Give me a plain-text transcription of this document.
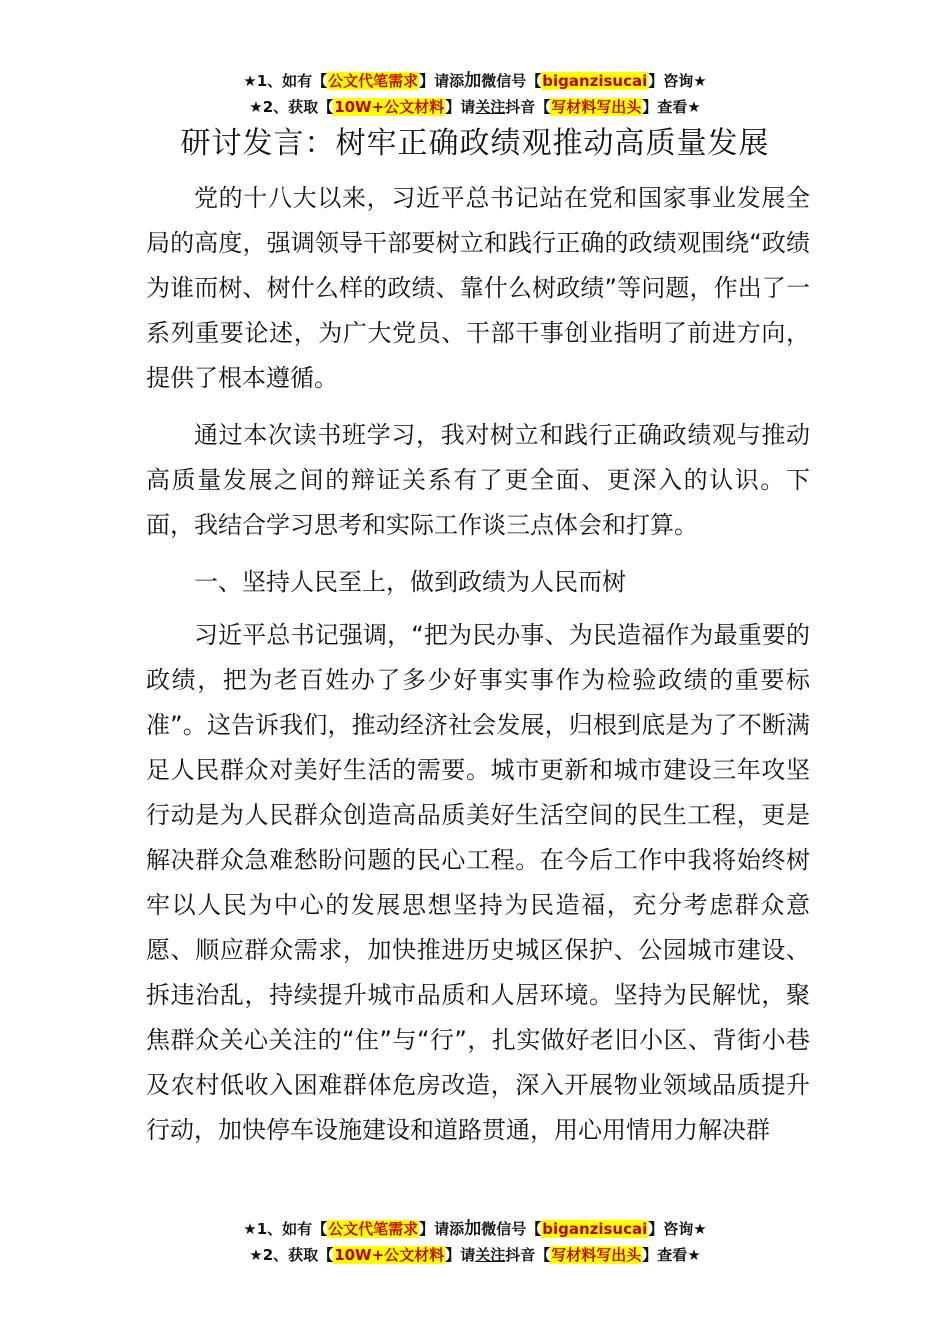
★1、如有【公文代笔需求】请添加微信号【biganzisucai】咨询★
★2、获取【10W+公文材料】请关注抖音【写材料写出头】查看★
研讨发言：树牢正确政绩观推动高质量发展

党的十八大以来，习近平总书记站在党和国家事业发展全局的高度，强调领导干部要树立和践行正确的政绩观围绕“政绩为谁而树、树什么样的政绩、靠什么树政绩”等问题，作出了一系列重要论述，为广大党员、干部干事创业指明了前进方向，提供了根本遵循。

通过本次读书班学习，我对树立和践行正确政绩观与推动高质量发展之间的辩证关系有了更全面、更深入的认识。下面，我结合学习思考和实际工作谈三点体会和打算。

一、坚持人民至上，做到政绩为人民而树

习近平总书记强调，“把为民办事、为民造福作为最重要的政绩，把为老百姓办了多少好事实事作为检验政绩的重要标准”。这告诉我们，推动经济社会发展，归根到底是为了不断满足人民群众对美好生活的需要。城市更新和城市建设三年攻坚行动是为人民群众创造高品质美好生活空间的民生工程，更是解决群众急难愁盼问题的民心工程。在今后工作中我将始终树牢以人民为中心的发展思想坚持为民造福，充分考虑群众意愿、顺应群众需求，加快推进历史城区保护、公园城市建设、拆违治乱，持续提升城市品质和人居环境。坚持为民解忧，聚焦群众关心关注的“住”与“行”，扎实做好老旧小区、背街小巷及农村低收入困难群体危房改造，深入开展物业领域品质提升行动，加快停车设施建设和道路贯通，用心用情用力解决群

★1、如有【公文代笔需求】请添加微信号【biganzisucai】咨询★
★2、获取【10W+公文材料】请关注抖音【写材料写出头】查看★
